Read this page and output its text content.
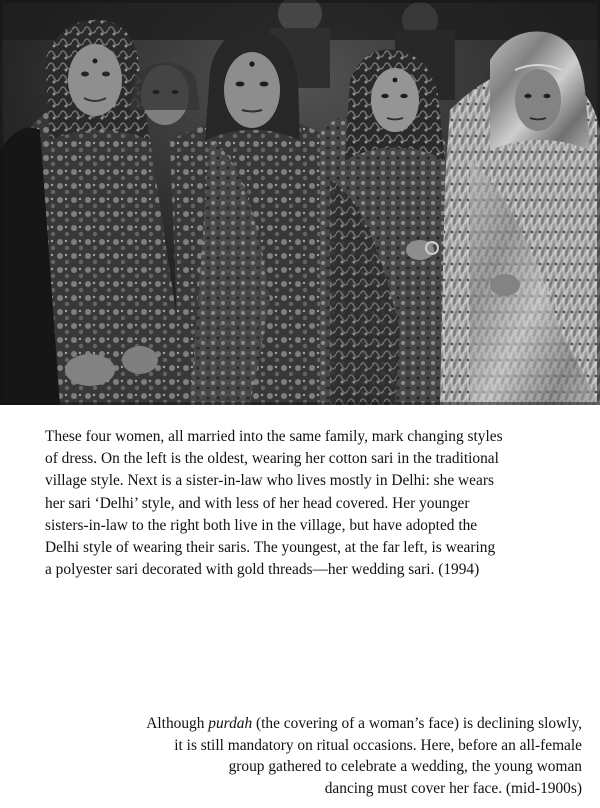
These four women, all married into the same family, mark changing styles
of dress. On the left is the oldest, wearing her cotton sari in the traditional
village style. Next is a sister-in-law who lives mostly in Delhi: she wears
her sari ‘Delhi’ style, and with less of her head covered. Her younger
sisters-in-law to the right both live in the village, but have adopted the
Delhi style of wearing their saris. The youngest, at the far left, is wearing
a polyester sari decorated with gold threads—her wedding sari. (1994)

Although purdah (the covering of a woman’s face) is declining slowly,
it is still mandatory on ritual occasions. Here, before an all-female
group gathered to celebrate a wedding, the young woman
dancing must cover her face. (mid-1900s)
